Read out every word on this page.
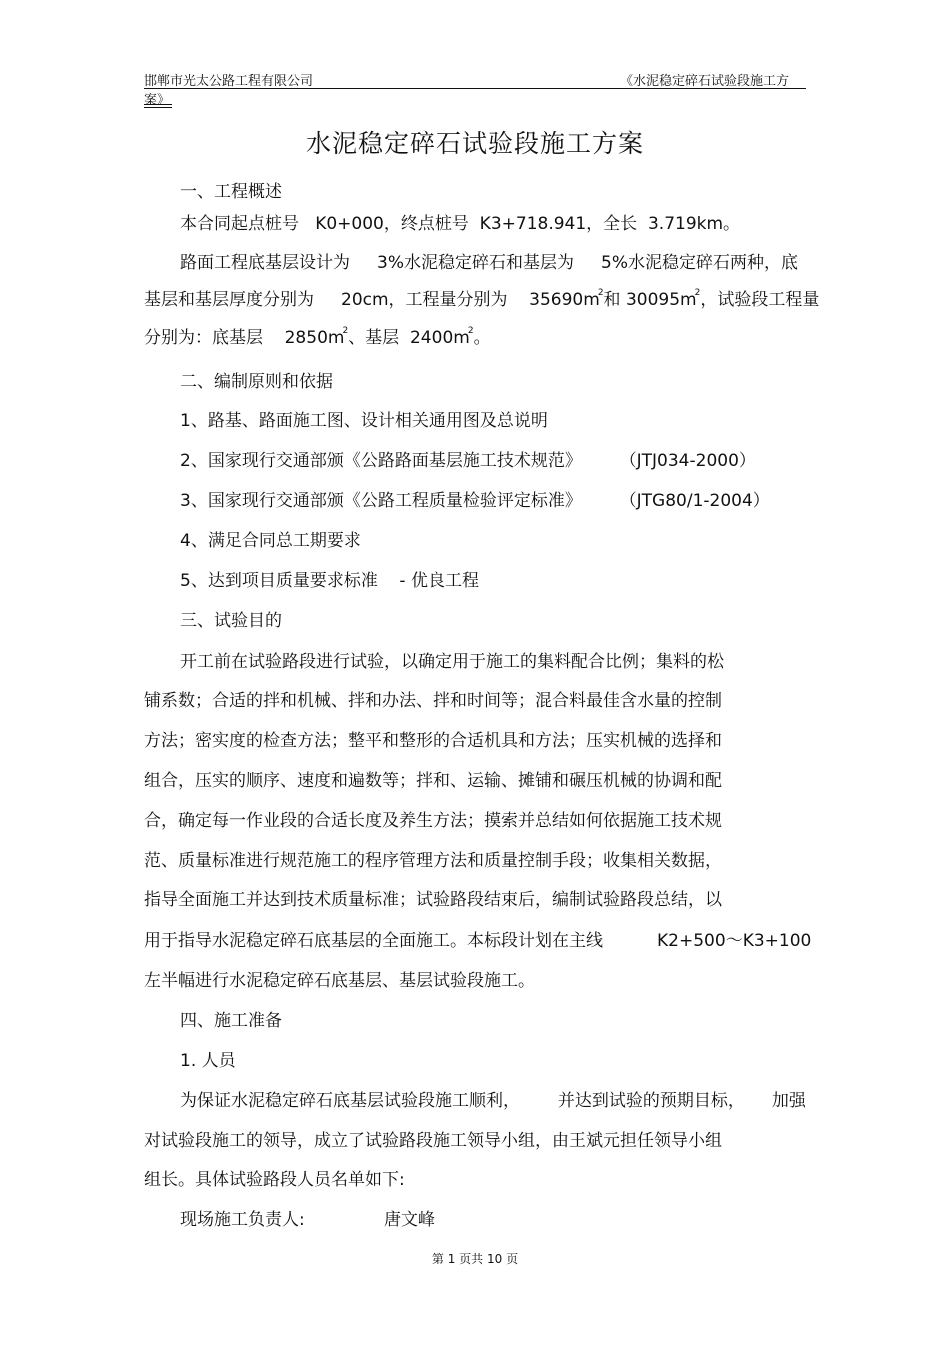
邯郸市光太公路工程有限公司	《水泥稳定碎石试验段施工方
案》
水泥稳定碎石试验段施工方案
一、工程概述
本合同起点桩号   K0+000，终点桩号  K3+718.941，全长  3.719km。
路面工程底基层设计为     3%水泥稳定碎石和基层为     5%水泥稳定碎石两种，底
基层和基层厚度分别为     20cm，工程量分别为    $35690m^2$和 $30095m^2$，试验段工程量
分别为：底基层    $2850m^2$、基层  $2400m^2$。
二、编制原则和依据
1、路基、路面施工图、设计相关通用图及总说明
2、国家现行交通部颁《公路路面基层施工技术规范》       （JTJ034-2000）
3、国家现行交通部颁《公路工程质量检验评定标准》       （JTG80/1-2004）
4、满足合同总工期要求
5、达到项目质量要求标准    - 优良工程
三、试验目的
开工前在试验路段进行试验，以确定用于施工的集料配合比例；集料的松
铺系数；合适的拌和机械、拌和办法、拌和时间等；混合料最佳含水量的控制
方法；密实度的检查方法；整平和整形的合适机具和方法；压实机械的选择和
组合，压实的顺序、速度和遍数等；拌和、运输、摊铺和碾压机械的协调和配
合，确定每一作业段的合适长度及养生方法；摸索并总结如何依据施工技术规
范、质量标准进行规范施工的程序管理方法和质量控制手段；收集相关数据，
指导全面施工并达到技术质量标准；试验路段结束后，编制试验路段总结，以
用于指导水泥稳定碎石底基层的全面施工。本标段计划在主线          K2+500～K3+100
左半幅进行水泥稳定碎石底基层、基层试验段施工。
四、施工准备
1. 人员
为保证水泥稳定碎石底基层试验段施工顺利，       并达到试验的预期目标，     加强
对试验段施工的领导，成立了试验路段施工领导小组，由王斌元担任领导小组
组长。具体试验路段人员名单如下:
现场施工负责人:	唐文峰
第 1 页共 10 页
